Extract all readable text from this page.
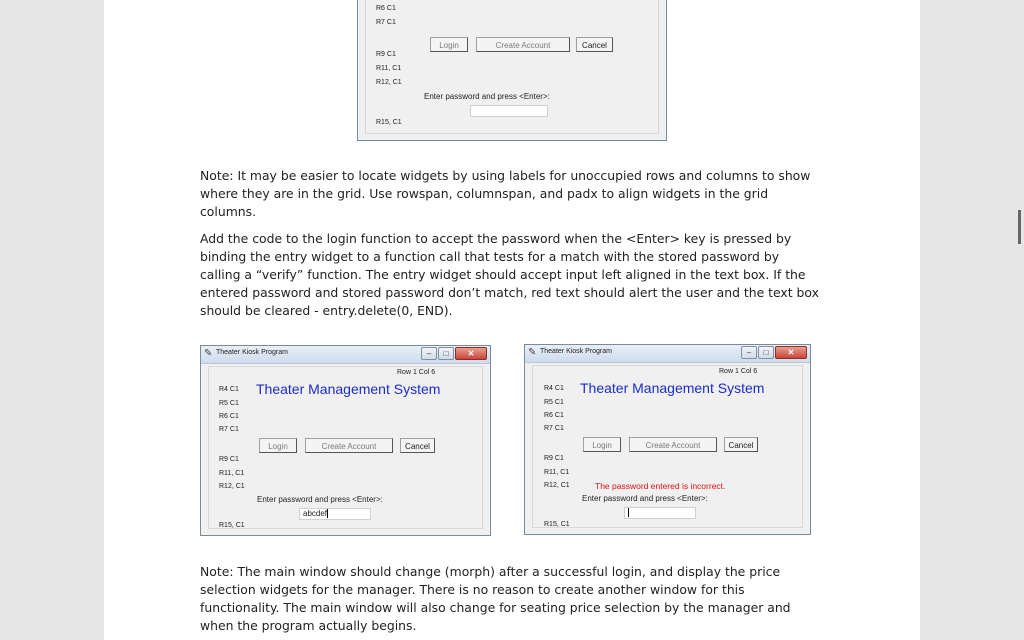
R6 C1
R7 C1
Login	Create Account	Cancel
R9 C1
R11, C1
R12, C1
Enter password and press <Enter>:
R15, C1

Note: It may be easier to locate widgets by using labels for unoccupied rows and columns to show where they are in the grid. Use rowspan, columnspan, and padx to align widgets in the grid columns.

Add the code to the login function to accept the password when the <Enter> key is pressed by binding the entry widget to a function call that tests for a match with the stored password by calling a “verify” function. The entry widget should accept input left aligned in the text box. If the entered password and stored password don’t match, red text should alert the user and the text box should be cleared - entry.delete(0, END).

✎ Theater Kiosk Program	–	□	✕
Row 1 Col 6
R4 C1 Theater Management System
R5 C1
R6 C1
R7 C1
Login	Create Account	Cancel
R9 C1
R11, C1
R12, C1
Enter password and press <Enter>:
abcdef
R15, C1
✎ Theater Kiosk Program	–	□	✕
Row 1 Col 6
R4 C1 Theater Management System
R5 C1
R6 C1
R7 C1
Login	Create Account	Cancel
R9 C1
R11, C1
R12, C1	The password entered is incorrect.
Enter password and press <Enter>:
R15, C1

Note: The main window should change (morph) after a successful login, and display the price selection widgets for the manager. There is no reason to create another window for this functionality. The main window will also change for seating price selection by the manager and when the program actually begins.
